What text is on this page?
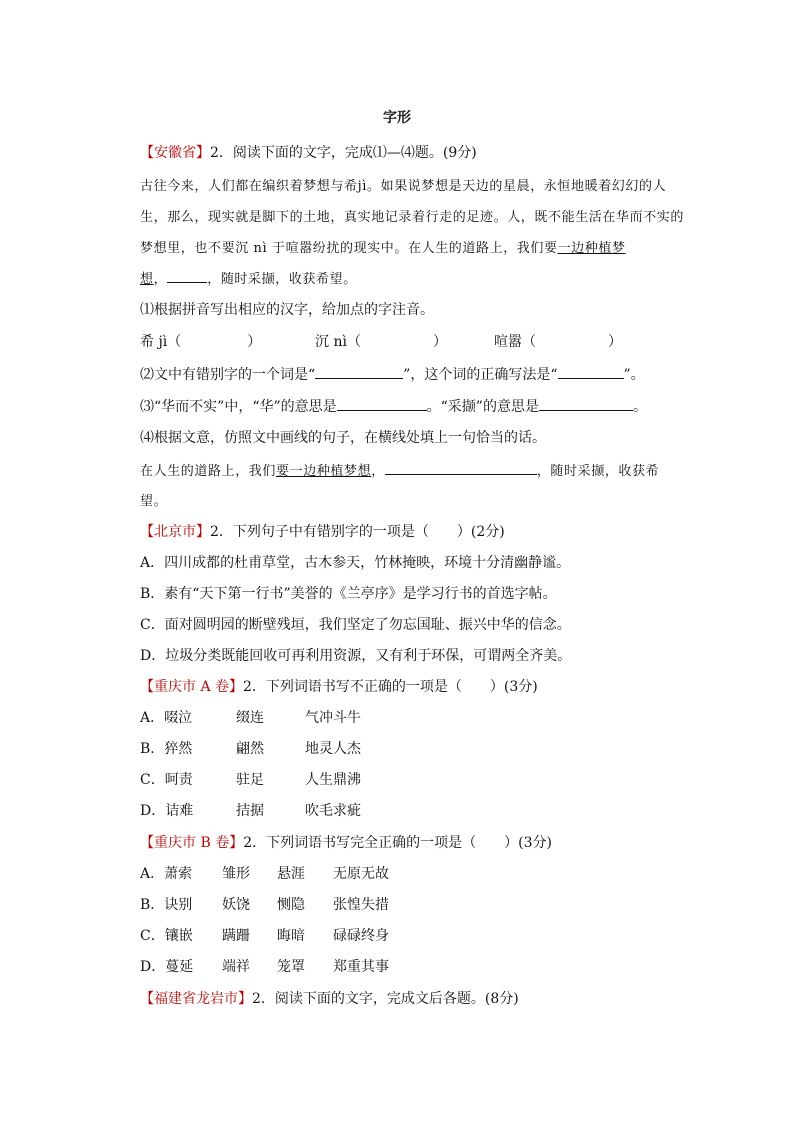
字形
【安徽省】2．阅读下面的文字，完成⑴—⑷题。(9分)
古往今来，人们都在编织着梦想与希jì。如果说梦想是天边的星晨，永恒地暖着幻幻的人
生，那么，现实就是脚下的土地，真实地记录着行走的足迹。人，既不能生活在华而不实的
梦想里，也不要沉 nì 于喧嚣纷扰的现实中。在人生的道路上，我们要一边种植梦
想，	，随时采撷，收获希望。
⑴根据拼音写出相应的汉字，给加点的字注音。
希 jì（	）	沉 nì（	）	喧嚣（	）
⑵文中有错别字的一个词是“	”，这个词的正确写法是“	”。
⑶“华而不实”中，“华”的意思是	。“采撷”的意思是	。
⑷根据文意，仿照文中画线的句子，在横线处填上一句恰当的话。
在人生的道路上，我们要一边种植梦想，	，随时采撷，收获希
望。
【北京市】2．下列句子中有错别字的一项是（　　）(2分)
A．四川成都的杜甫草堂，古木参天，竹林掩映，环境十分清幽静谧。
B．素有“天下第一行书”美誉的《兰亭序》是学习行书的首选字帖。
C．面对圆明园的断壁残垣，我们坚定了勿忘国耻、振兴中华的信念。
D．垃圾分类既能回收可再利用资源，又有利于环保，可谓两全齐美。
【重庆市 A 卷】2．下列词语书写不正确的一项是（　　）(3分)
A．啜泣	缀连	气冲斗牛
B．猝然	翩然	地灵人杰
C．呵责	驻足	人生鼎沸
D．诘难	拮据	吹毛求疵
【重庆市 B 卷】2．下列词语书写完全正确的一项是（　　）(3分)
A．萧索 雏形 悬涯 无原无故
B．诀别 妖饶 恻隐 张惶失措
C．镶嵌 蹒跚 晦暗 碌碌终身
D．蔓延 端祥 笼罩 郑重其事
【福建省龙岩市】2．阅读下面的文字，完成文后各题。(8分)
